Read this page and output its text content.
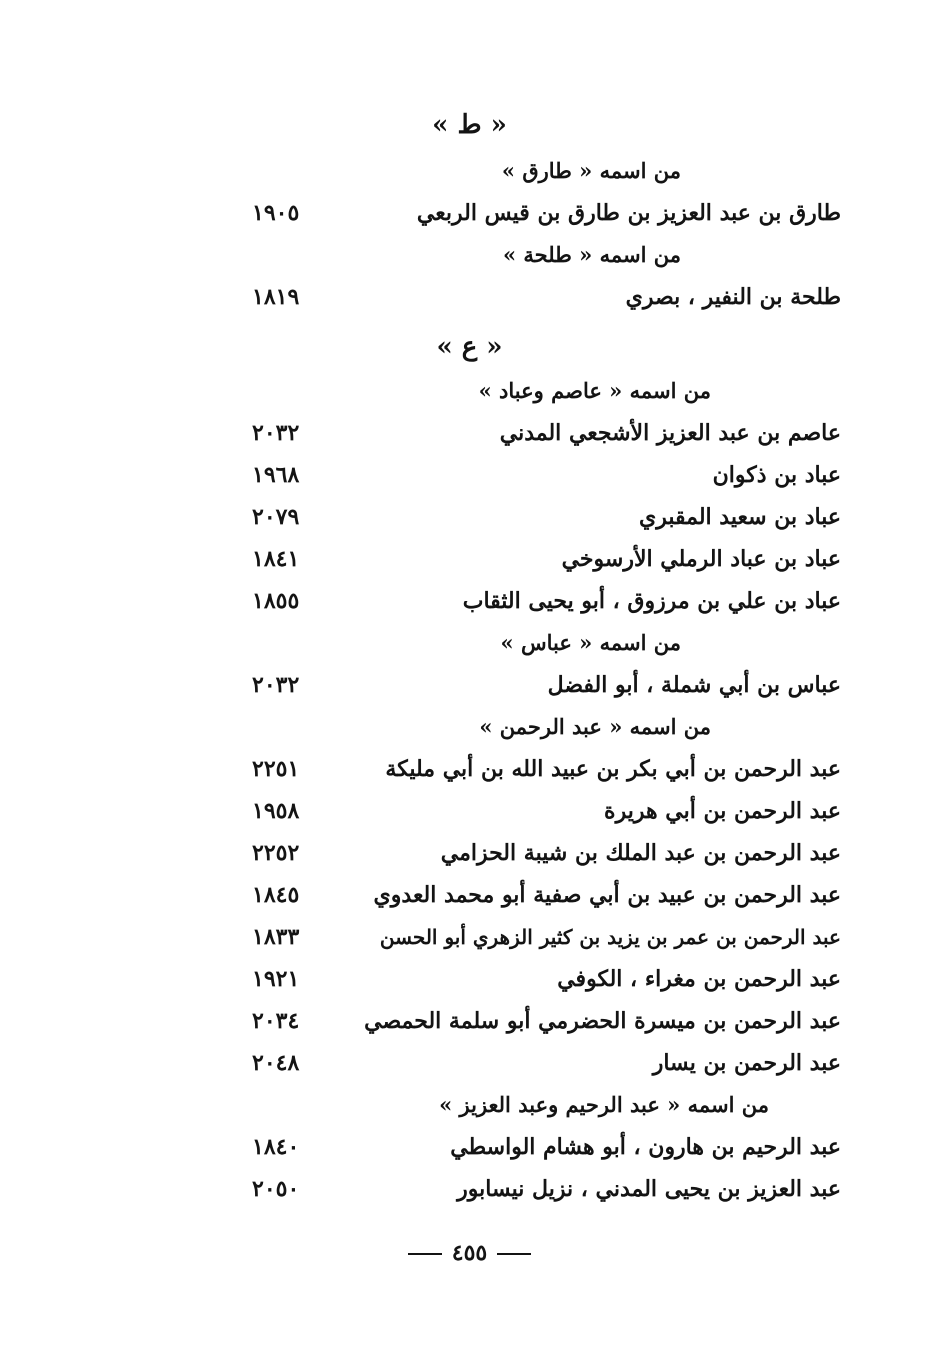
« ط »
من اسمه « طارق »
طارق بن عبد العزيز بن طارق بن قيس الربعي
١٩٠٥
من اسمه « طلحة »
طلحة بن النفير ، بصري
١٨١٩
« ع »
من اسمه « عاصم وعباد »
عاصم بن عبد العزيز الأشجعي المدني
٢٠٣٢
عباد بن ذكوان
١٩٦٨
عباد بن سعيد المقبري
٢٠٧٩
عباد بن عباد الرملي الأرسوخي
١٨٤١
عباد بن علي بن مرزوق ، أبو يحيى الثقاب
١٨٥٥
من اسمه « عباس »
عباس بن أبي شملة ، أبو الفضل
٢٠٣٢
من اسمه « عبد الرحمن »
عبد الرحمن بن أبي بكر بن عبيد الله بن أبي مليكة
٢٢٥١
عبد الرحمن بن أبي هريرة
١٩٥٨
عبد الرحمن بن عبد الملك بن شيبة الحزامي
٢٢٥٢
عبد الرحمن بن عبيد بن أبي صفية أبو محمد العدوي
١٨٤٥
عبد الرحمن بن عمر بن يزيد بن كثير الزهري أبو الحسن
١٨٣٣
عبد الرحمن بن مغراء ، الكوفي
١٩٢١
عبد الرحمن بن ميسرة الحضرمي أبو سلمة الحمصي
٢٠٣٤
عبد الرحمن بن يسار
٢٠٤٨
من اسمه « عبد الرحيم وعبد العزيز »
عبد الرحيم بن هارون ، أبو هشام الواسطي
١٨٤٠
عبد العزيز بن يحيى المدني ، نزيل نيسابور
٢٠٥٠
٤٥٥
